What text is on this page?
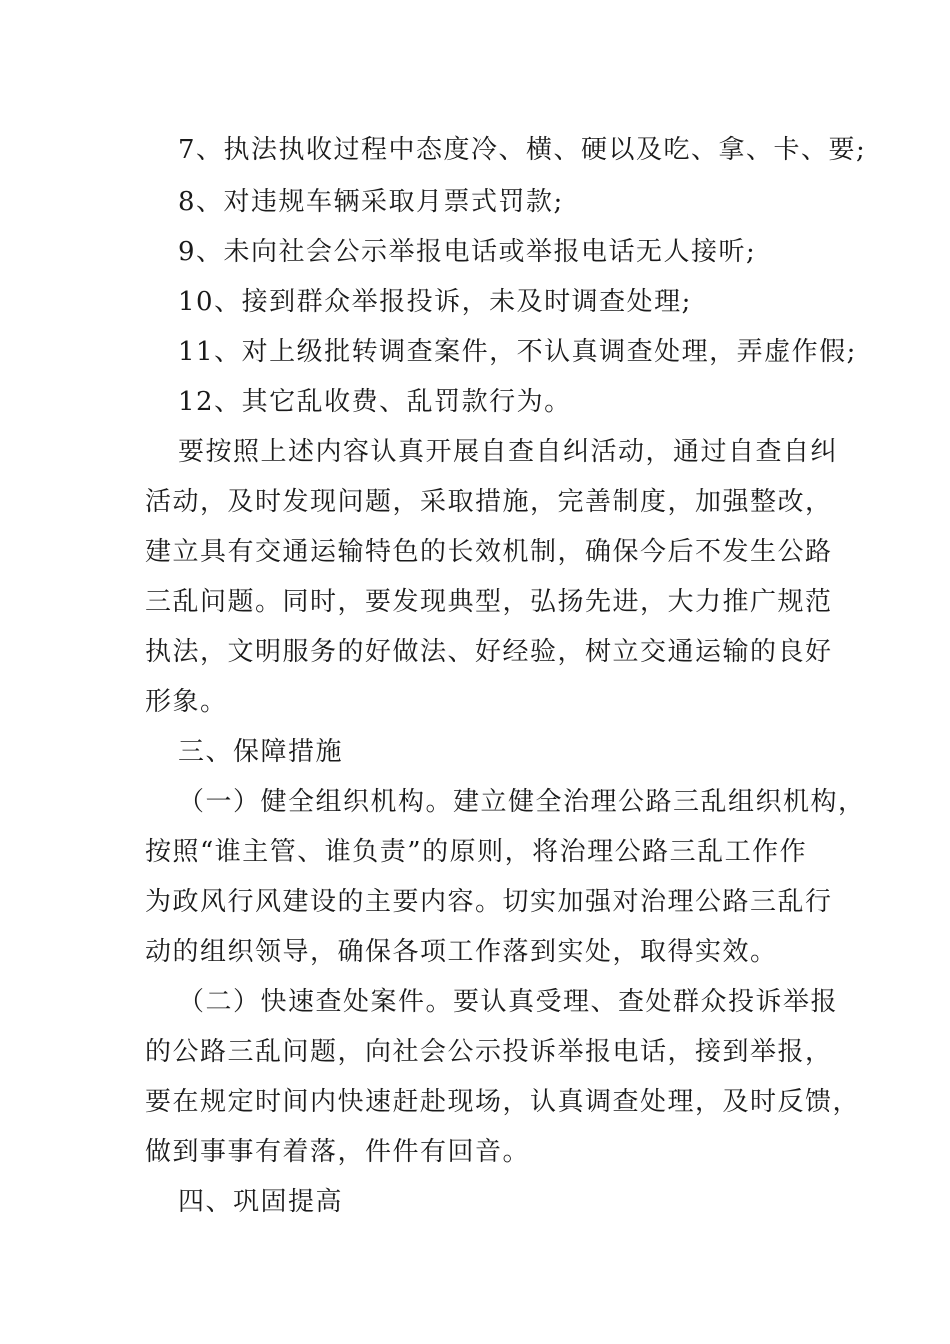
7、执法执收过程中态度冷、横、硬以及吃、拿、卡、要;
8、对违规车辆采取月票式罚款;
9、未向社会公示举报电话或举报电话无人接听;
10、接到群众举报投诉，未及时调查处理;
11、对上级批转调查案件，不认真调查处理，弄虚作假;
12、其它乱收费、乱罚款行为。
要按照上述内容认真开展自查自纠活动，通过自查自纠
活动，及时发现问题，采取措施，完善制度，加强整改，
建立具有交通运输特色的长效机制，确保今后不发生公路
三乱问题。同时，要发现典型，弘扬先进，大力推广规范
执法，文明服务的好做法、好经验，树立交通运输的良好
形象。
三、保障措施
（一）健全组织机构。建立健全治理公路三乱组织机构，
按照“谁主管、谁负责”的原则，将治理公路三乱工作作
为政风行风建设的主要内容。切实加强对治理公路三乱行
动的组织领导，确保各项工作落到实处，取得实效。
（二）快速查处案件。要认真受理、查处群众投诉举报
的公路三乱问题，向社会公示投诉举报电话，接到举报，
要在规定时间内快速赶赴现场，认真调查处理，及时反馈，
做到事事有着落，件件有回音。
四、巩固提高
